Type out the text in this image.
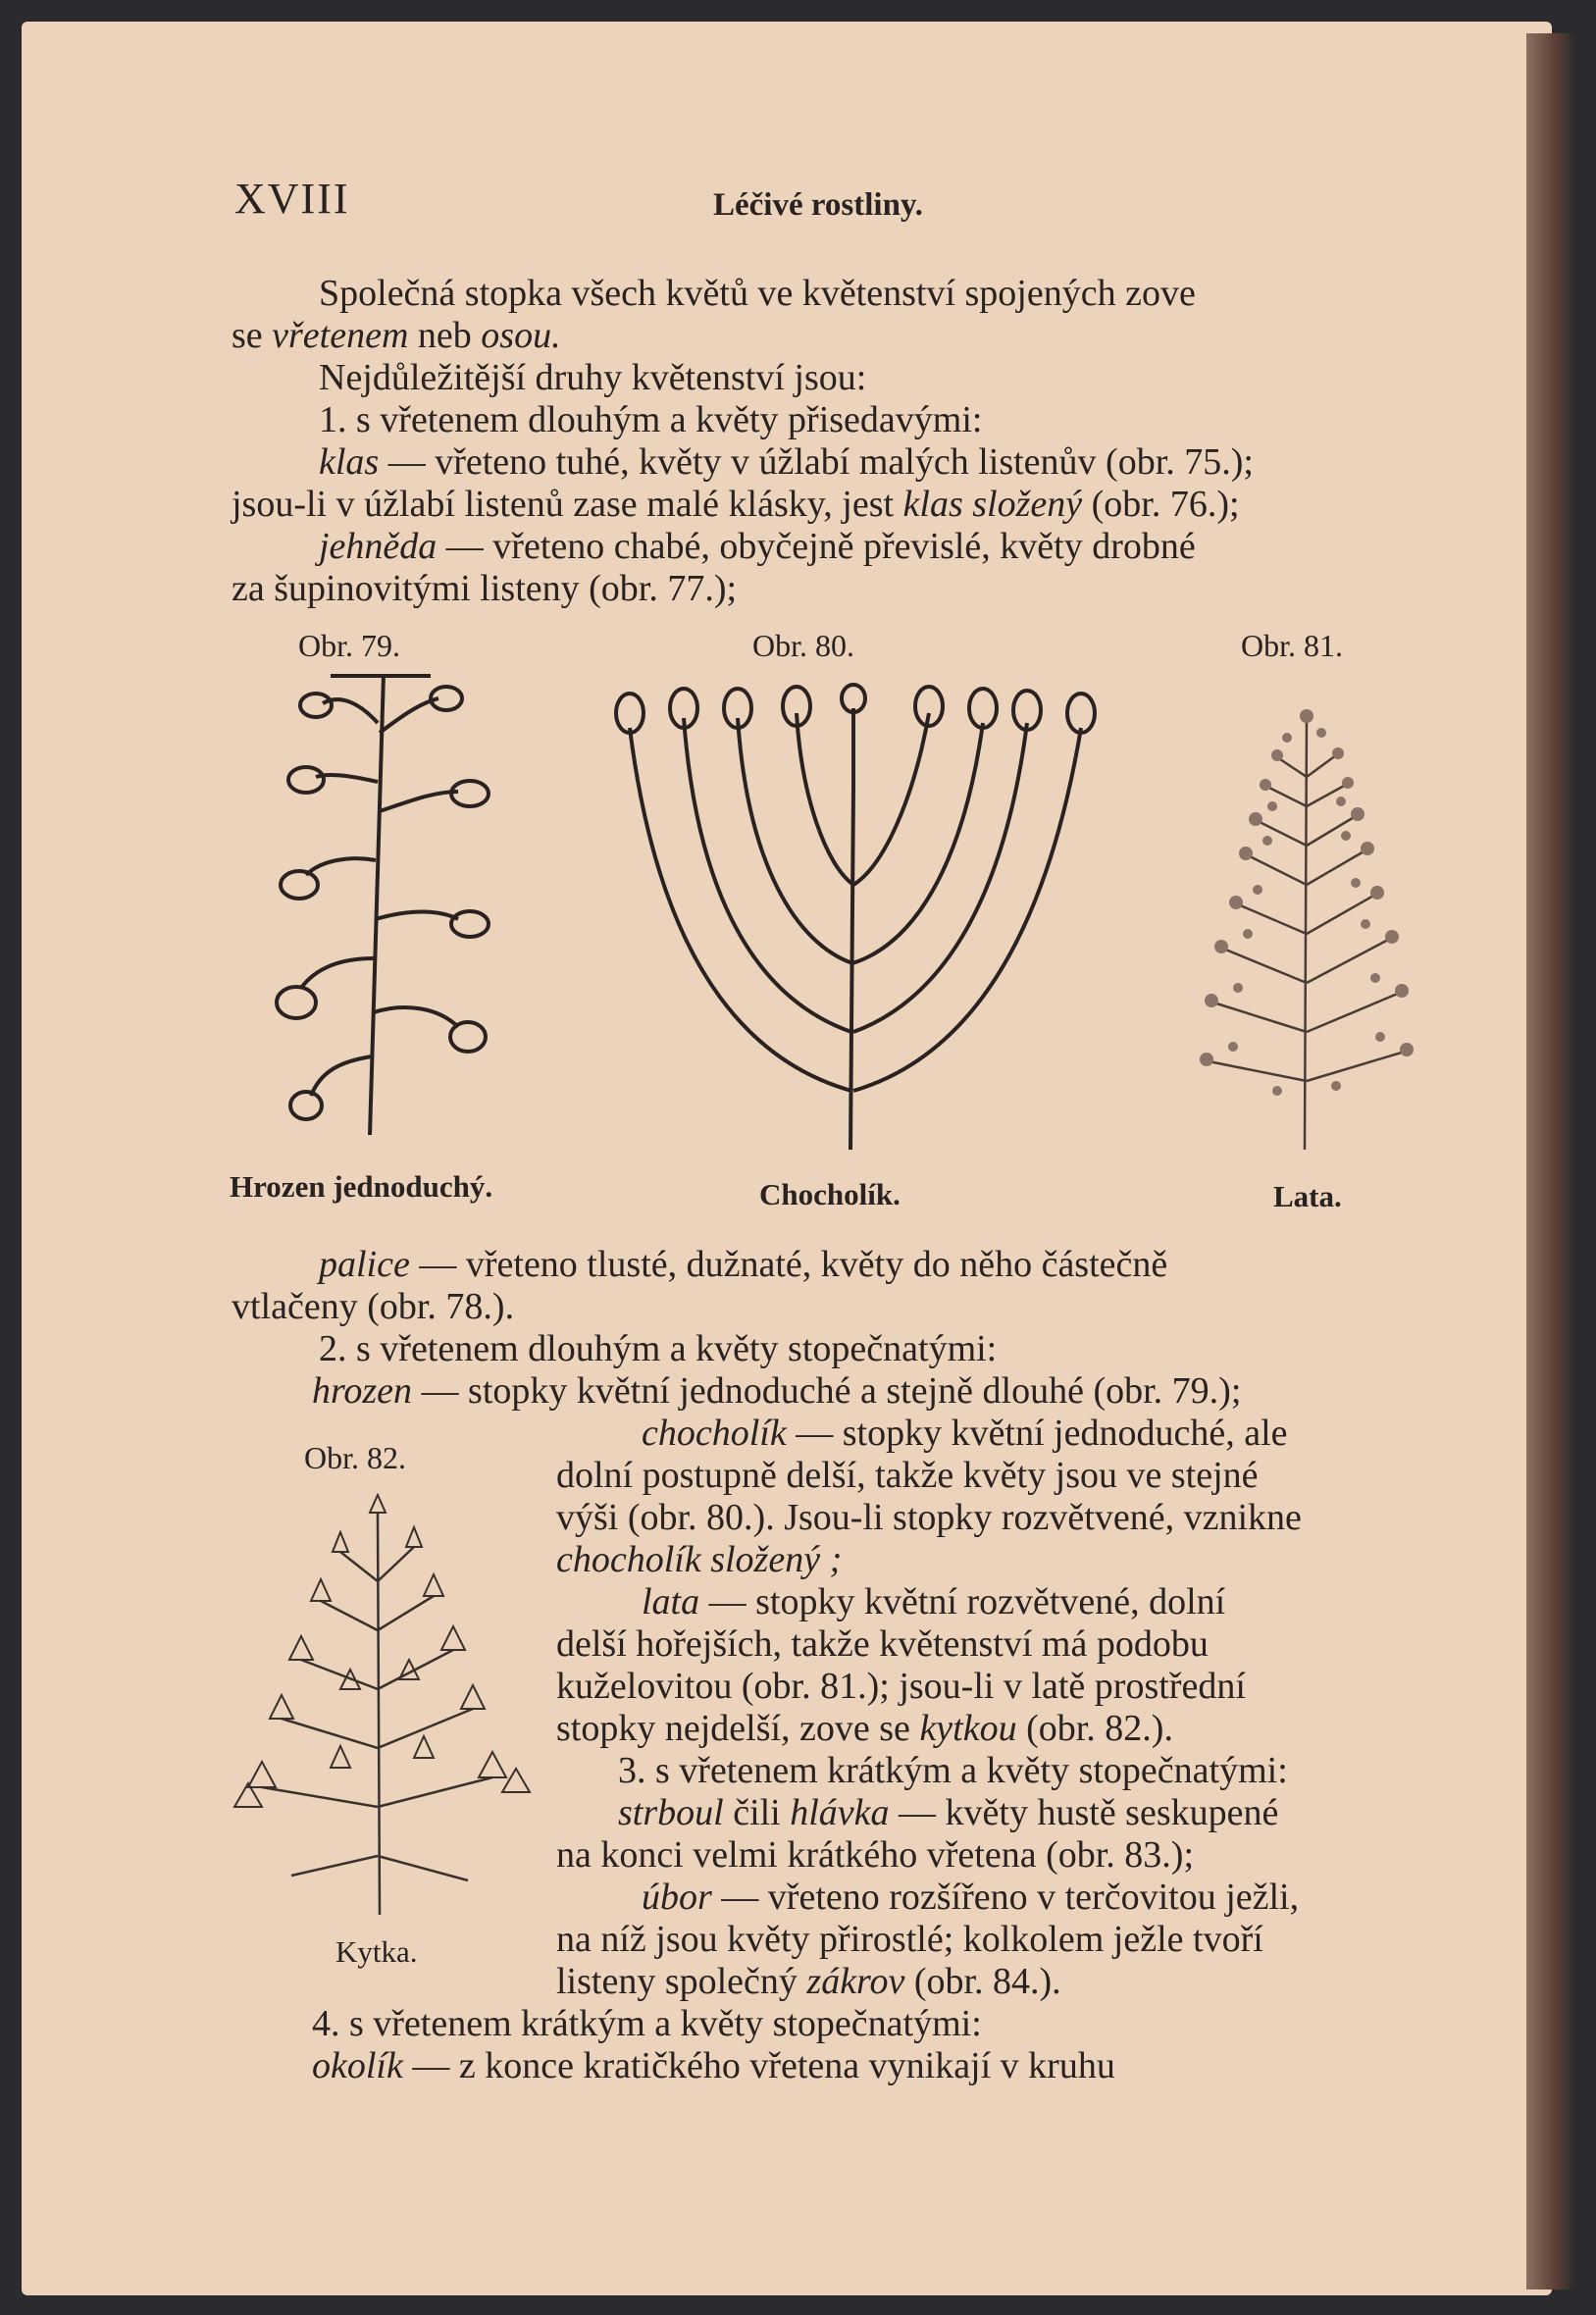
XVIII	Léčivé rostliny.
Společná stopka všech květů ve květenství spojených zove
se vřetenem neb osou.
Nejdůležitější druhy květenství jsou:
1. s vřetenem dlouhým a květy přisedavými:
klas — vřeteno tuhé, květy v úžlabí malých listenův (obr. 75.);
jsou-li v úžlabí listenů zase malé klásky, jest klas složený (obr. 76.);
jehněda — vřeteno chabé, obyčejně převislé, květy drobné
za šupinovitými listeny (obr. 77.);
Obr. 79.	Obr. 80.	Obr. 81.
Hrozen jednoduchý.	Chocholík.	Lata.
palice — vřeteno tlusté, dužnaté, květy do něho částečně
vtlačeny (obr. 78.).
2. s vřetenem dlouhým a květy stopečnatými:
hrozen — stopky květní jednoduché a stejně dlouhé (obr. 79.);
Obr. 82.
Kytka.
chocholík — stopky květní jednoduché, ale
dolní postupně delší, takže květy jsou ve stejné
výši (obr. 80.). Jsou-li stopky rozvětvené, vznikne
chocholík složený ;
lata — stopky květní rozvětvené, dolní
delší hořejších, takže květenství má podobu
kuželovitou (obr. 81.); jsou-li v latě prostřední
stopky nejdelší, zove se kytkou (obr. 82.).
3. s vřetenem krátkým a květy stopečnatými:
strboul čili hlávka — květy hustě seskupené
na konci velmi krátkého vřetena (obr. 83.);
úbor — vřeteno rozšířeno v terčovitou ježli,
na níž jsou květy přirostlé; kolkolem ježle tvoří
listeny společný zákrov (obr. 84.).
4. s vřetenem krátkým a květy stopečnatými:
okolík — z konce kratičkého vřetena vynikají v kruhu
